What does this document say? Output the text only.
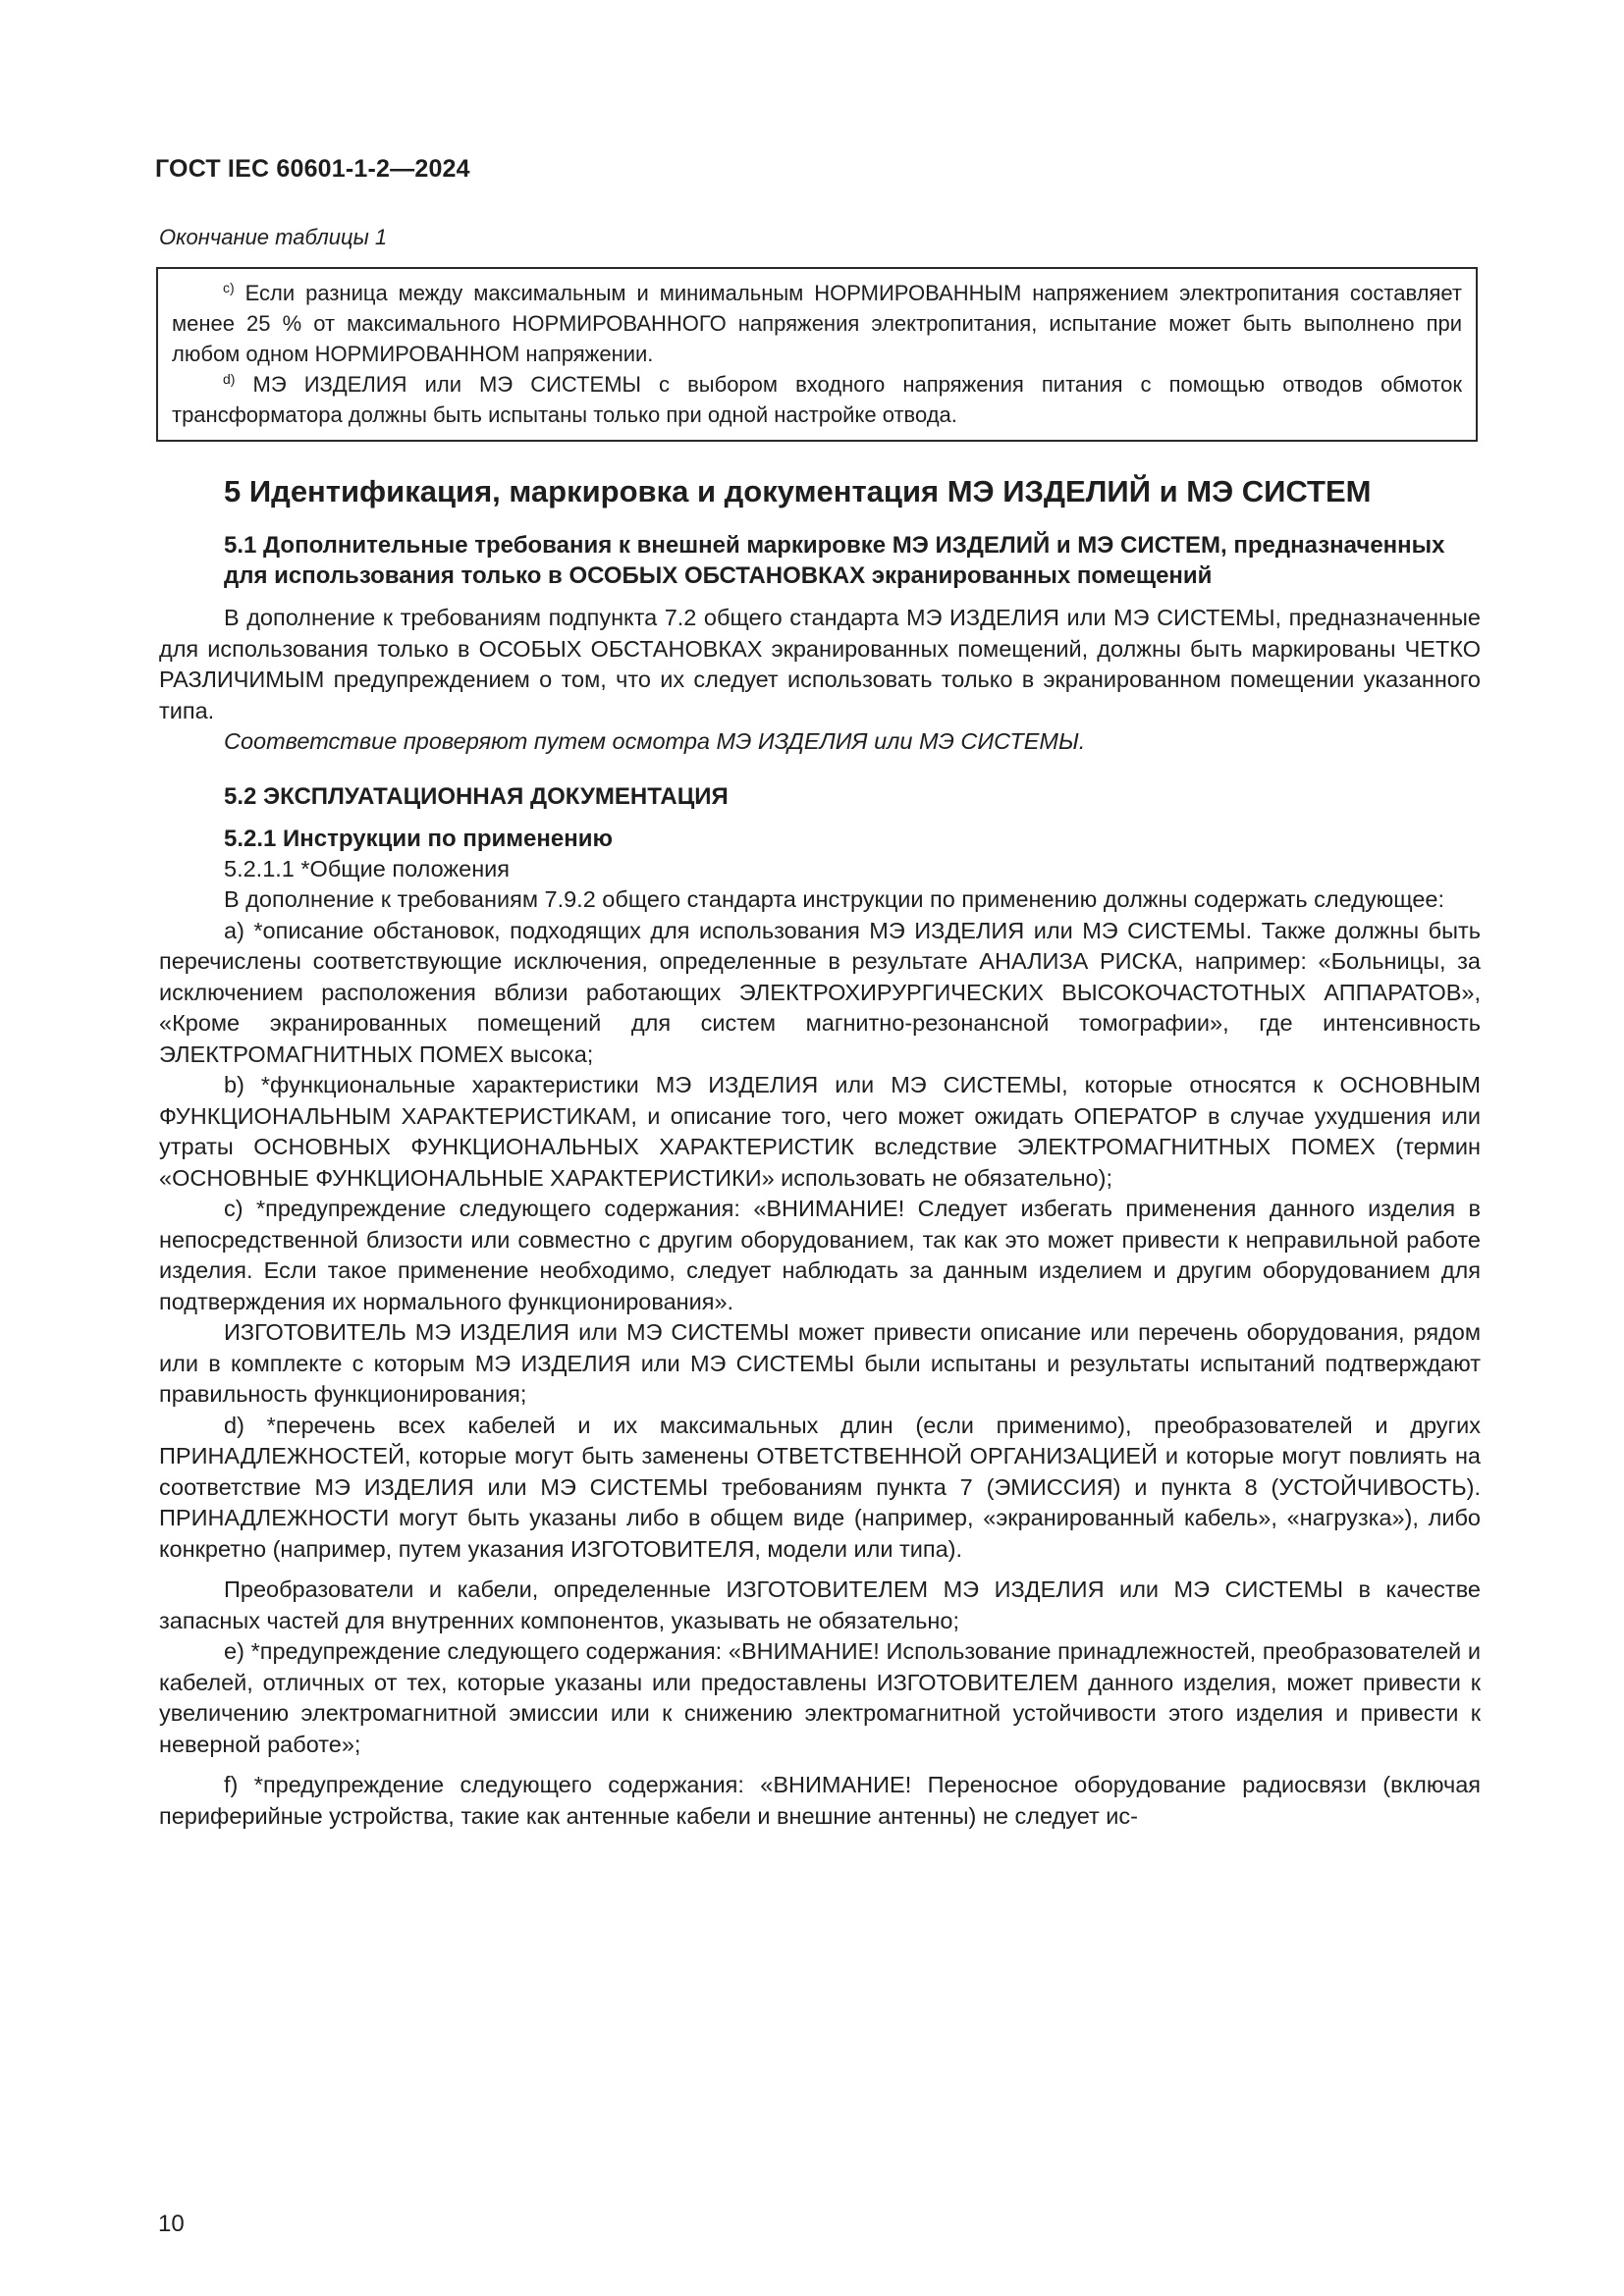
ГОСТ IEC 60601-1-2—2024
Окончание таблицы 1

$^{c)}$ Если разница между максимальным и минимальным НОРМИРОВАННЫМ напряжением электропитания составляет менее 25 % от максимального НОРМИРОВАННОГО напряжения электропитания, испытание может быть выполнено при любом одном НОРМИРОВАННОМ напряжении.

$^{d)}$ МЭ ИЗДЕЛИЯ или МЭ СИСТЕМЫ с выбором входного напряжения питания с помощью отводов обмоток трансформатора должны быть испытаны только при одной настройке отвода.

5 Идентификация, маркировка и документация МЭ ИЗДЕЛИЙ и МЭ СИСТЕМ
5.1 Дополнительные требования к внешней маркировке МЭ ИЗДЕЛИЙ и МЭ СИСТЕМ, предназначенных для использования только в ОСОБЫХ ОБСТАНОВКАХ экранированных помещений

В дополнение к требованиям подпункта 7.2 общего стандарта МЭ ИЗДЕЛИЯ или МЭ СИСТЕМЫ, предназначенные для использования только в ОСОБЫХ ОБСТАНОВКАХ экранированных помещений, должны быть маркированы ЧЕТКО РАЗЛИЧИМЫМ предупреждением о том, что их следует использовать только в экранированном помещении указанного типа.

Соответствие проверяют путем осмотра МЭ ИЗДЕЛИЯ или МЭ СИСТЕМЫ.

5.2 ЭКСПЛУАТАЦИОННАЯ ДОКУМЕНТАЦИЯ
5.2.1 Инструкции по применению

5.2.1.1 *Общие положения

В дополнение к требованиям 7.9.2 общего стандарта инструкции по применению должны содержать следующее:

a) *описание обстановок, подходящих для использования МЭ ИЗДЕЛИЯ или МЭ СИСТЕМЫ. Также должны быть перечислены соответствующие исключения, определенные в результате АНАЛИЗА РИСКА, например: «Больницы, за исключением расположения вблизи работающих ЭЛЕКТРОХИРУРГИЧЕСКИХ ВЫСОКОЧАСТОТНЫХ АППАРАТОВ», «Кроме экранированных помещений для систем магнитно-резонансной томографии», где интенсивность ЭЛЕКТРОМАГНИТНЫХ ПОМЕХ высока;

b) *функциональные характеристики МЭ ИЗДЕЛИЯ или МЭ СИСТЕМЫ, которые относятся к ОСНОВНЫМ ФУНКЦИОНАЛЬНЫМ ХАРАКТЕРИСТИКАМ, и описание того, чего может ожидать ОПЕРАТОР в случае ухудшения или утраты ОСНОВНЫХ ФУНКЦИОНАЛЬНЫХ ХАРАКТЕРИСТИК вследствие ЭЛЕКТРОМАГНИТНЫХ ПОМЕХ (термин «ОСНОВНЫЕ ФУНКЦИОНАЛЬНЫЕ ХАРАКТЕРИСТИКИ» использовать не обязательно);

c) *предупреждение следующего содержания: «ВНИМАНИЕ! Следует избегать применения данного изделия в непосредственной близости или совместно с другим оборудованием, так как это может привести к неправильной работе изделия. Если такое применение необходимо, следует наблюдать за данным изделием и другим оборудованием для подтверждения их нормального функционирования».

ИЗГОТОВИТЕЛЬ МЭ ИЗДЕЛИЯ или МЭ СИСТЕМЫ может привести описание или перечень оборудования, рядом или в комплекте с которым МЭ ИЗДЕЛИЯ или МЭ СИСТЕМЫ были испытаны и результаты испытаний подтверждают правильность функционирования;

d) *перечень всех кабелей и их максимальных длин (если применимо), преобразователей и других ПРИНАДЛЕЖНОСТЕЙ, которые могут быть заменены ОТВЕТСТВЕННОЙ ОРГАНИЗАЦИЕЙ и которые могут повлиять на соответствие МЭ ИЗДЕЛИЯ или МЭ СИСТЕМЫ требованиям пункта 7 (ЭМИССИЯ) и пункта 8 (УСТОЙЧИВОСТЬ). ПРИНАДЛЕЖНОСТИ могут быть указаны либо в общем виде (например, «экранированный кабель», «нагрузка»), либо конкретно (например, путем указания ИЗГОТОВИТЕЛЯ, модели или типа).

Преобразователи и кабели, определенные ИЗГОТОВИТЕЛЕМ МЭ ИЗДЕЛИЯ или МЭ СИСТЕМЫ в качестве запасных частей для внутренних компонентов, указывать не обязательно;

e) *предупреждение следующего содержания: «ВНИМАНИЕ! Использование принадлежностей, преобразователей и кабелей, отличных от тех, которые указаны или предоставлены ИЗГОТОВИТЕЛЕМ данного изделия, может привести к увеличению электромагнитной эмиссии или к снижению электромагнитной устойчивости этого изделия и привести к неверной работе»;

f) *предупреждение следующего содержания: «ВНИМАНИЕ! Переносное оборудование радиосвязи (включая периферийные устройства, такие как антенные кабели и внешние антенны) не следует ис-

10
